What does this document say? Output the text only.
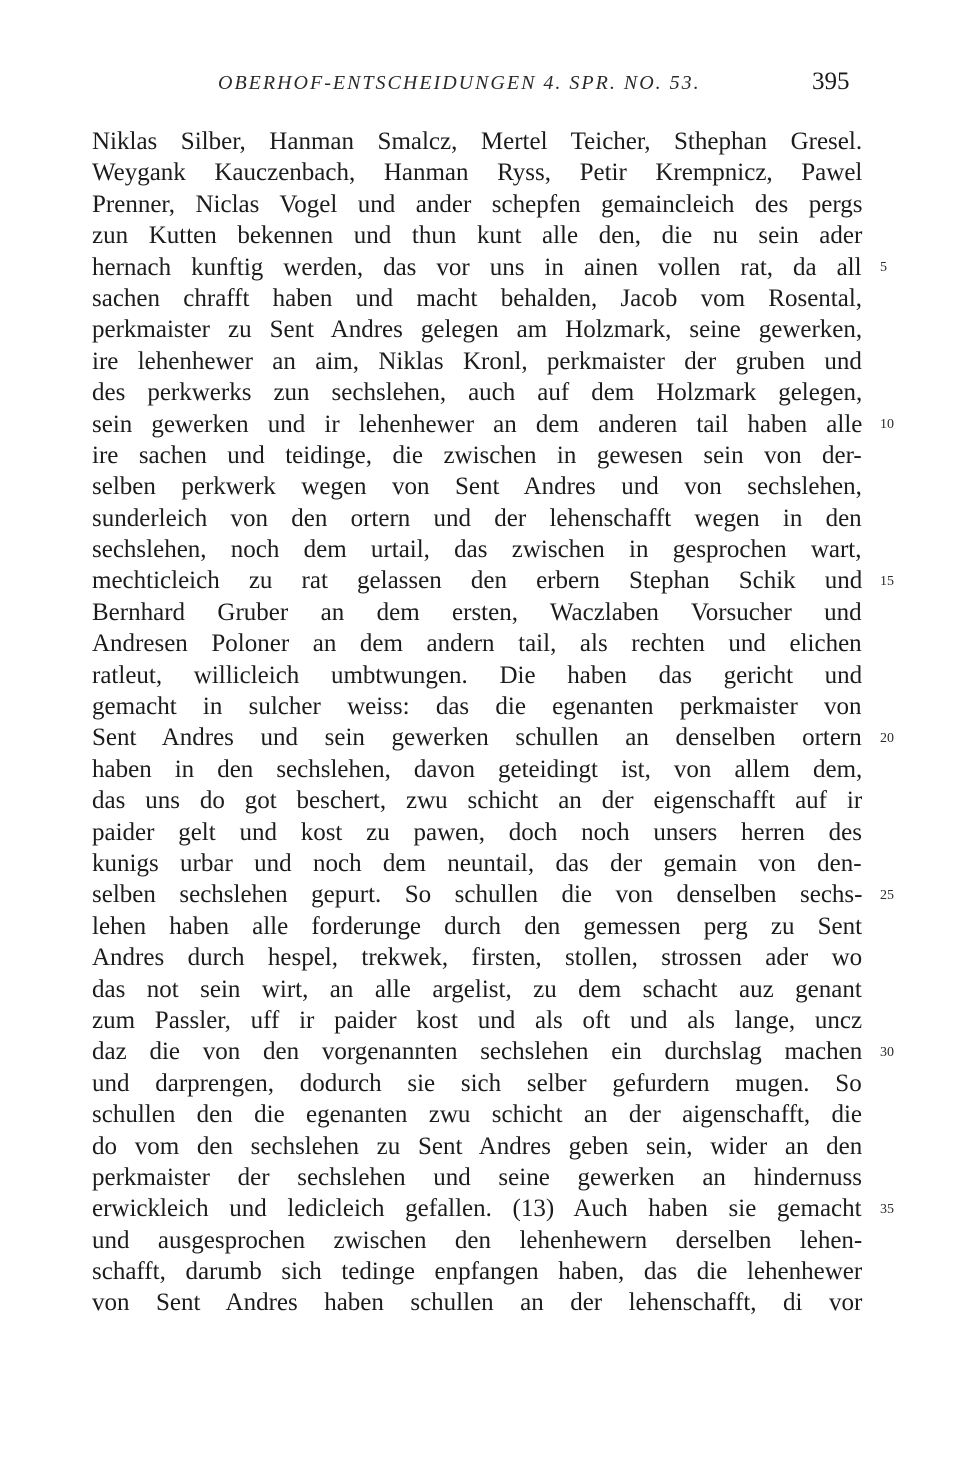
OBERHOF-ENTSCHEIDUNGEN 4. SPR. NO. 53.	395
Niklas Silber, Hanman Smalcz, Mertel Teicher, Sthephan Gresel.
Weygank Kauczenbach, Hanman Ryss, Petir Krempnicz, Pawel
Prenner, Niclas Vogel und ander schepfen gemaincleich des pergs
zun Kutten bekennen und thun kunt alle den, die nu sein ader
hernach kunftig werden, das vor uns in ainen vollen rat, da all
sachen chrafft haben und macht behalden, Jacob vom Rosental,
perkmaister zu Sent Andres gelegen am Holzmark, seine gewerken,
ire lehenhewer an aim, Niklas Kronl, perkmaister der gruben und
des perkwerks zun sechslehen, auch auf dem Holzmark gelegen,
sein gewerken und ir lehenhewer an dem anderen tail haben alle
ire sachen und teidinge, die zwischen in gewesen sein von der-
selben perkwerk wegen von Sent Andres und von sechslehen,
sunderleich von den ortern und der lehenschafft wegen in den
sechslehen, noch dem urtail, das zwischen in gesprochen wart,
mechticleich zu rat gelassen den erbern Stephan Schik und
Bernhard Gruber an dem ersten, Waczlaben Vorsucher und
Andresen Poloner an dem andern tail, als rechten und elichen
ratleut, willicleich umbtwungen. Die haben das gericht und
gemacht in sulcher weiss: das die egenanten perkmaister von
Sent Andres und sein gewerken schullen an denselben ortern
haben in den sechslehen, davon geteidingt ist, von allem dem,
das uns do got beschert, zwu schicht an der eigenschafft auf ir
paider gelt und kost zu pawen, doch noch unsers herren des
kunigs urbar und noch dem neuntail, das der gemain von den-
selben sechslehen gepurt. So schullen die von denselben sechs-
lehen haben alle forderunge durch den gemessen perg zu Sent
Andres durch hespel, trekwek, firsten, stollen, strossen ader wo
das not sein wirt, an alle argelist, zu dem schacht auz genant
zum Passler, uff ir paider kost und als oft und als lange, uncz
daz die von den vorgenannten sechslehen ein durchslag machen
und darprengen, dodurch sie sich selber gefurdern mugen. So
schullen den die egenanten zwu schicht an der aigenschafft, die
do vom den sechslehen zu Sent Andres geben sein, wider an den
perkmaister der sechslehen und seine gewerken an hindernuss
erwickleich und ledicleich gefallen. (13) Auch haben sie gemacht
und ausgesprochen zwischen den lehenhewern derselben lehen-
schafft, darumb sich tedinge enpfangen haben, das die lehenhewer
von Sent Andres haben schullen an der lehenschafft, di vor
5
10
15
20
25
30
35
